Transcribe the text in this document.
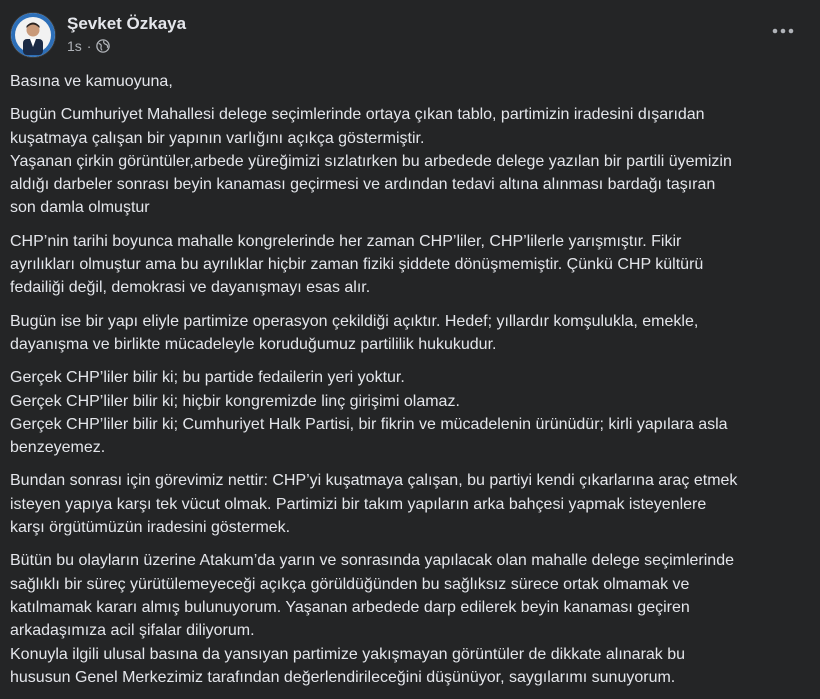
Şevket Özkaya
1s ·

Basına ve kamuoyuna,

Bugün Cumhuriyet Mahallesi delege seçimlerinde ortaya çıkan tablo, partimizin iradesini dışarıdan
kuşatmaya çalışan bir yapının varlığını açıkça göstermiştir.
Yaşanan çirkin görüntüler,arbede yüreğimizi sızlatırken bu arbedede delege yazılan bir partili üyemizin
aldığı darbeler sonrası beyin kanaması geçirmesi ve ardından tedavi altına alınması bardağı taşıran
son damla olmuştur

CHP’nin tarihi boyunca mahalle kongrelerinde her zaman CHP’liler, CHP’lilerle yarışmıştır. Fikir
ayrılıkları olmuştur ama bu ayrılıklar hiçbir zaman fiziki şiddete dönüşmemiştir. Çünkü CHP kültürü
fedailiği değil, demokrasi ve dayanışmayı esas alır.

Bugün ise bir yapı eliyle partimize operasyon çekildiği açıktır. Hedef; yıllardır komşulukla, emekle,
dayanışma ve birlikte mücadeleyle koruduğumuz partililik hukukudur.

Gerçek CHP’liler bilir ki; bu partide fedailerin yeri yoktur.
Gerçek CHP’liler bilir ki; hiçbir kongremizde linç girişimi olamaz.
Gerçek CHP’liler bilir ki; Cumhuriyet Halk Partisi, bir fikrin ve mücadelenin ürünüdür; kirli yapılara asla
benzeyemez.

Bundan sonrası için görevimiz nettir: CHP’yi kuşatmaya çalışan, bu partiyi kendi çıkarlarına araç etmek
isteyen yapıya karşı tek vücut olmak. Partimizi bir takım yapıların arka bahçesi yapmak isteyenlere
karşı örgütümüzün iradesini göstermek.

Bütün bu olayların üzerine Atakum’da yarın ve sonrasında yapılacak olan mahalle delege seçimlerinde
sağlıklı bir süreç yürütülemeyeceği açıkça görüldüğünden bu sağlıksız sürece ortak olmamak ve
katılmamak kararı almış bulunuyorum. Yaşanan arbedede darp edilerek beyin kanaması geçiren
arkadaşımıza acil şifalar diliyorum.
Konuyla ilgili ulusal basına da yansıyan partimize yakışmayan görüntüler de dikkate alınarak bu
hususun Genel Merkezimiz tarafından değerlendirileceğini düşünüyor, saygılarımı sunuyorum.
